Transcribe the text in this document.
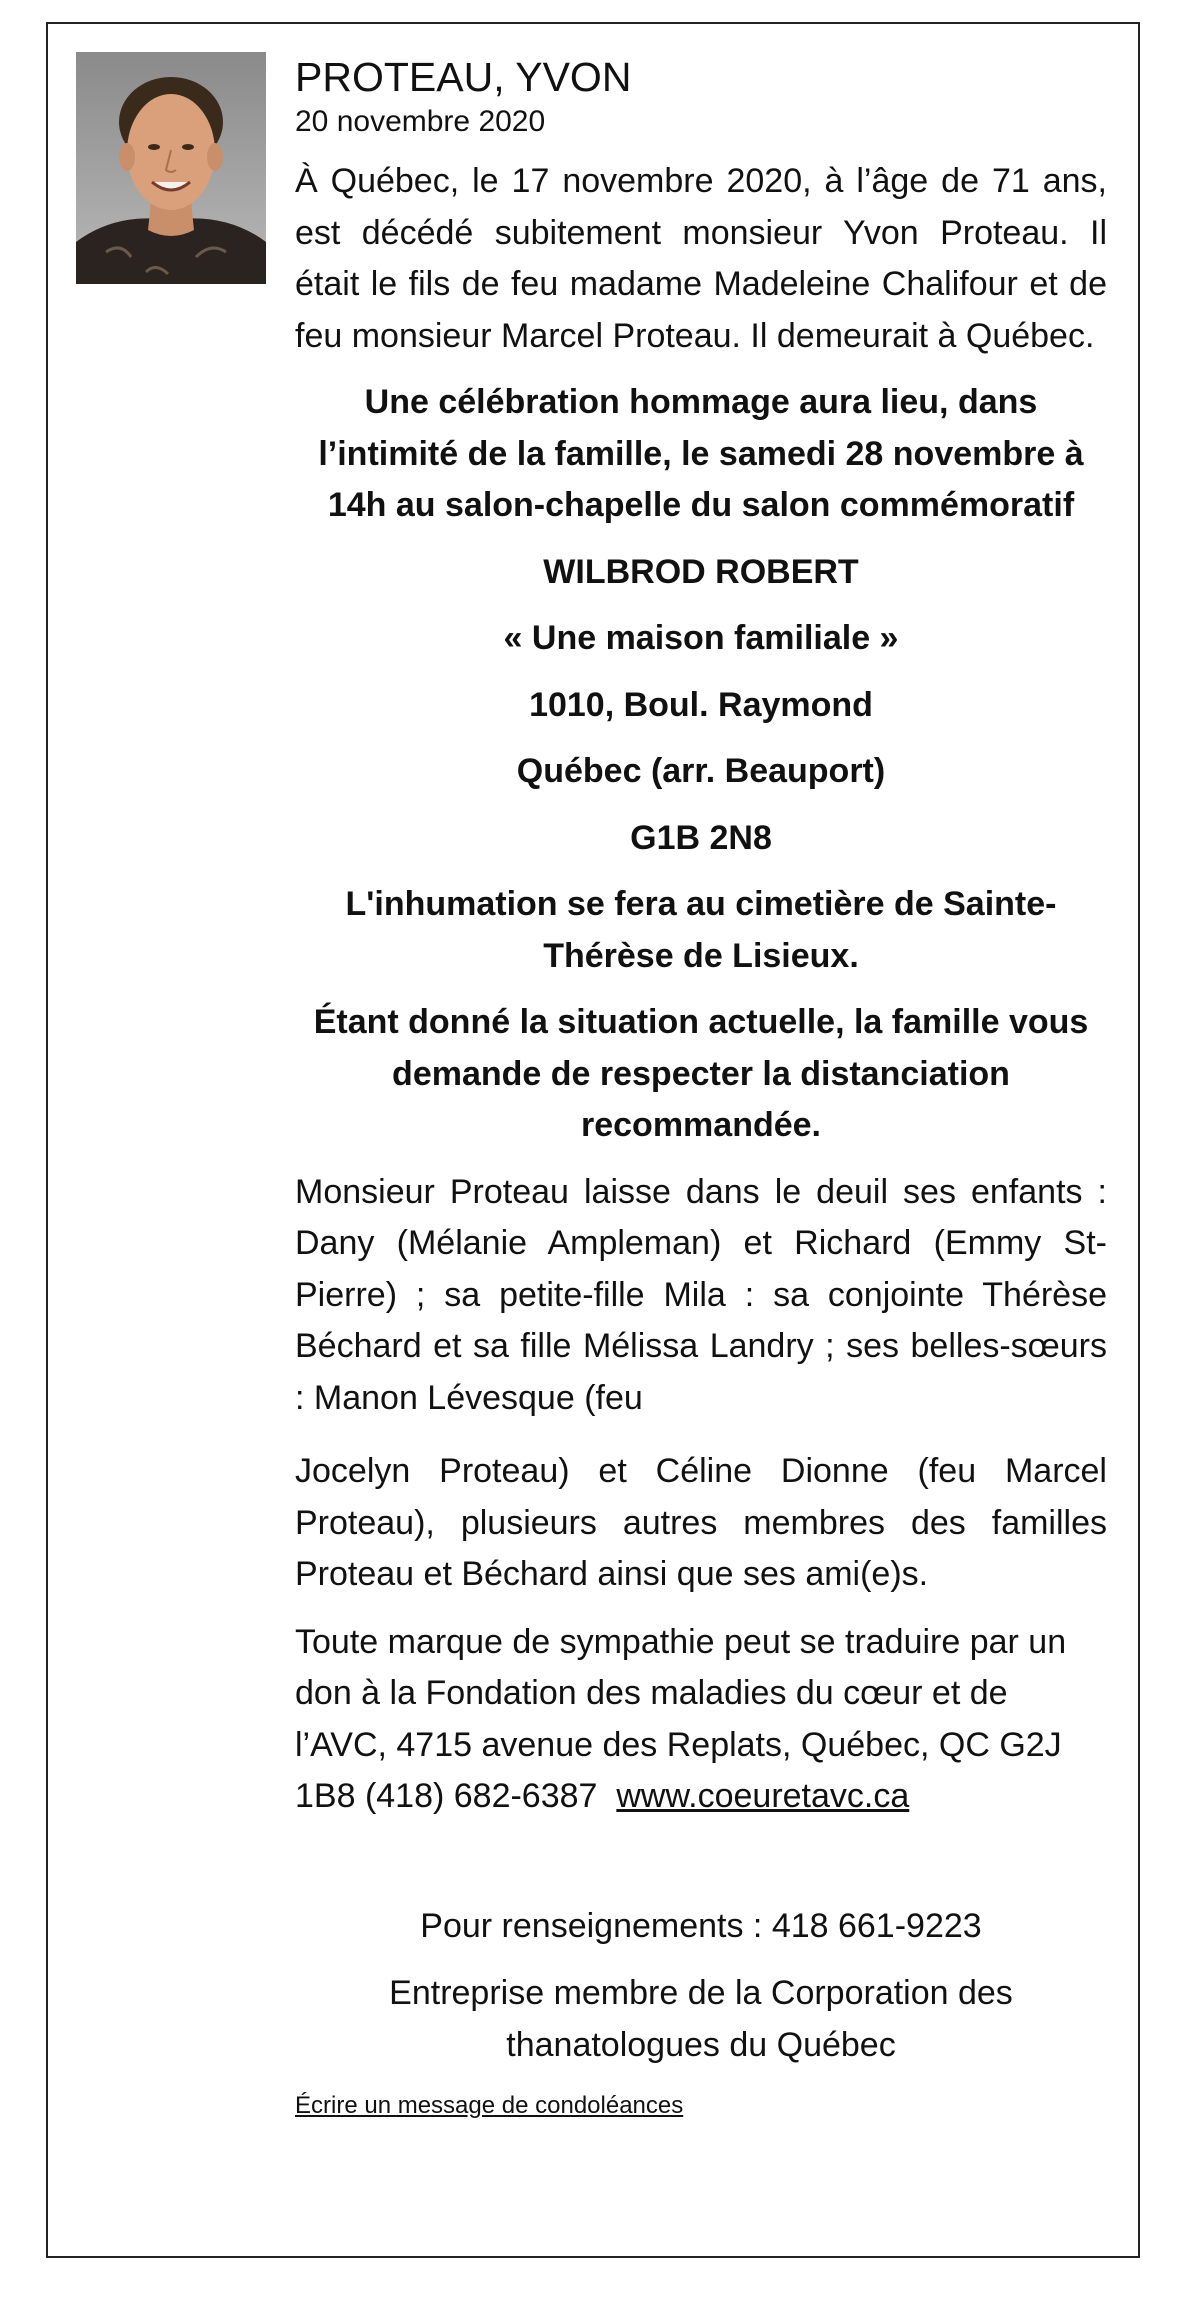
PROTEAU, YVON

20 novembre 2020

À Québec, le 17 novembre 2020, à l’âge de 71 ans, est décédé subitement monsieur Yvon Proteau. Il était le fils de feu madame Madeleine Chalifour et de feu monsieur Marcel Proteau. Il demeurait à Québec.

Une célébration hommage aura lieu, dans l’intimité de la famille, le samedi 28 novembre à 14h au salon-chapelle du salon commémoratif

WILBROD ROBERT

« Une maison familiale »

1010, Boul. Raymond

Québec (arr. Beauport)

G1B 2N8

L'inhumation se fera au cimetière de Sainte-Thérèse de Lisieux.

Étant donné la situation actuelle, la famille vous demande de respecter la distanciation recommandée.

Monsieur Proteau laisse dans le deuil ses enfants : Dany (Mélanie Ampleman) et Richard (Emmy St-Pierre) ; sa petite-fille Mila : sa conjointe Thérèse Béchard et sa fille Mélissa Landry ; ses belles-sœurs : Manon Lévesque (feu

Jocelyn Proteau) et Céline Dionne (feu Marcel Proteau), plusieurs autres membres des familles Proteau et Béchard ainsi que ses ami(e)s.

Toute marque de sympathie peut se traduire par un don à la Fondation des maladies du cœur et de l’AVC, 4715 avenue des Replats, Québec, QC G2J 1B8 (418) 682-6387 www.coeuretavc.ca

Pour renseignements : 418 661-9223

Entreprise membre de la Corporation des thanatologues du Québec

Écrire un message de condoléances
